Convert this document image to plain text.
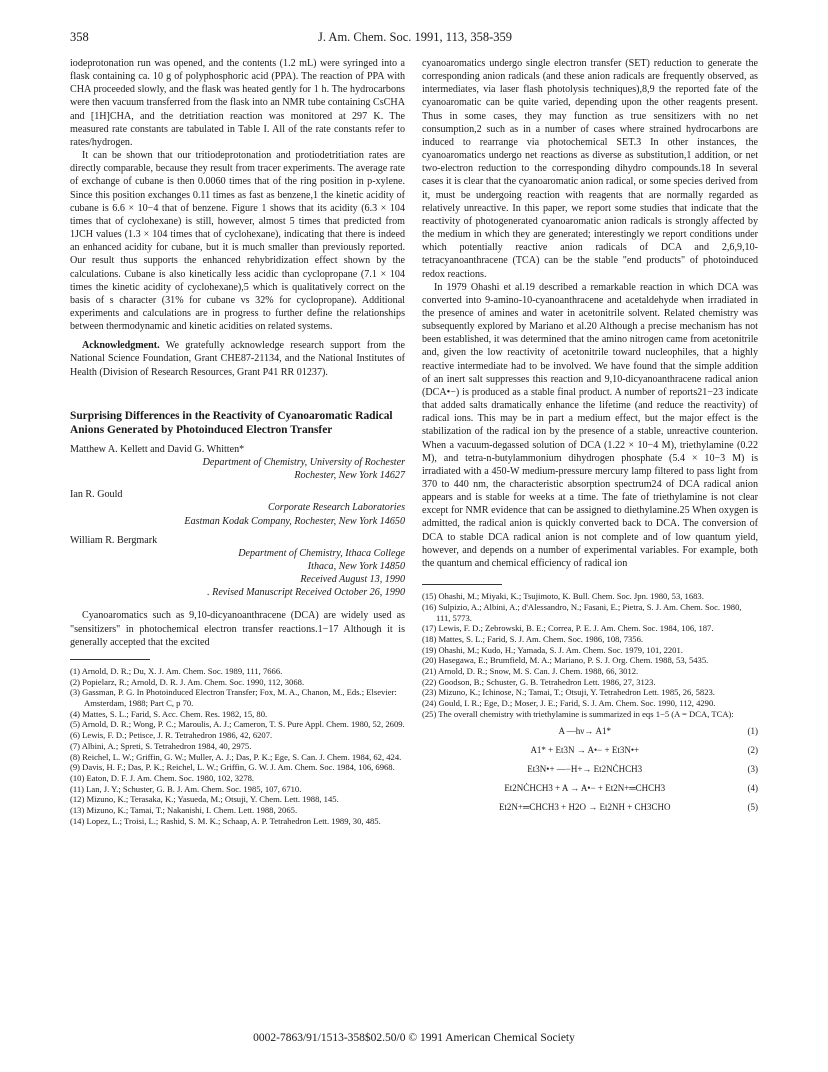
358	J. Am. Chem. Soc. 1991, 113, 358-359

iodeprotonation run was opened, and the contents (1.2 mL) were syringed into a flask containing ca. 10 g of polyphosphoric acid (PPA). The reaction of PPA with CHA proceeded slowly, and the flask was heated gently for 1 h. The hydrocarbons were then vacuum transferred from the flask into an NMR tube containing CsCHA and [1H]CHA, and the detritiation reaction was monitored at 297 K. The measured rate constants are tabulated in Table I. All of the rate constants refer to rates/hydrogen.

It can be shown that our tritiodeprotonation and protiodetritiation rates are directly comparable, because they result from tracer experiments. The average rate of exchange of cubane is then 0.0060 times that of the ring position in p-xylene. Since this position exchanges 0.11 times as fast as benzene,1 the kinetic acidity of cubane is 6.6 × 10−4 that of benzene. Figure 1 shows that its acidity (6.3 × 104 times that of cyclohexane) is still, however, almost 5 times that predicted from 1JCH values (1.3 × 104 times that of cyclohexane), indicating that there is indeed an enhanced acidity for cubane, but it is much smaller than previously reported. Our result thus supports the enhanced rehybridization effect shown by the calculations. Cubane is also kinetically less acidic than cyclopropane (7.1 × 104 times the kinetic acidity of cyclohexane),5 which is qualitatively correct on the basis of s character (31% for cubane vs 32% for cyclopropane). Additional experiments and calculations are in progress to further define the relationships between thermodynamic and kinetic acidities on related systems.

Acknowledgment. We gratefully acknowledge research support from the National Science Foundation, Grant CHE87-21134, and the National Institutes of Health (Division of Research Resources, Grant P41 RR 01237).

Surprising Differences in the Reactivity of Cyanoaromatic Radical Anions Generated by Photoinduced Electron Transfer

Matthew A. Kellett and David G. Whitten*

Department of Chemistry, University of Rochester

Rochester, New York 14627

Ian R. Gould

Corporate Research Laboratories

Eastman Kodak Company, Rochester, New York 14650

William R. Bergmark

Department of Chemistry, Ithaca College

Ithaca, New York 14850

Received August 13, 1990

. Revised Manuscript Received October 26, 1990

Cyanoaromatics such as 9,10-dicyanoanthracene (DCA) are widely used as "sensitizers" in photochemical electron transfer reactions.1−17 Although it is generally accepted that the excited

(1) Arnold, D. R.; Du, X. J. Am. Chem. Soc. 1989, 111, 7666.

(2) Popielarz, R.; Arnold, D. R. J. Am. Chem. Soc. 1990, 112, 3068.

(3) Gassman, P. G. In Photoinduced Electron Transfer; Fox, M. A., Chanon, M., Eds.; Elsevier: Amsterdam, 1988; Part C, p 70.

(4) Mattes, S. L.; Farid, S. Acc. Chem. Res. 1982, 15, 80.

(5) Arnold, D. R.; Wong, P. C.; Maroulis, A. J.; Cameron, T. S. Pure Appl. Chem. 1980, 52, 2609.

(6) Lewis, F. D.; Petisce, J. R. Tetrahedron 1986, 42, 6207.

(7) Albini, A.; Spreti, S. Tetrahedron 1984, 40, 2975.

(8) Reichel, L. W.; Griffin, G. W.; Muller, A. J.; Das, P. K.; Ege, S. Can. J. Chem. 1984, 62, 424.

(9) Davis, H. F.; Das, P. K.; Reichel, L. W.; Griffin, G. W. J. Am. Chem. Soc. 1984, 106, 6968.

(10) Eaton, D. F. J. Am. Chem. Soc. 1980, 102, 3278.

(11) Lan, J. Y.; Schuster, G. B. J. Am. Chem. Soc. 1985, 107, 6710.

(12) Mizuno, K.; Terasaka, K.; Yasueda, M.; Otsuji, Y. Chem. Lett. 1988, 145.

(13) Mizuno, K.; Tamai, T.; Nakanishi, I. Chem. Lett. 1988, 2065.

(14) Lopez, L.; Troisi, L.; Rashid, S. M. K.; Schaap, A. P. Tetrahedron Lett. 1989, 30, 485.

cyanoaromatics undergo single electron transfer (SET) reduction to generate the corresponding anion radicals (and these anion radicals are frequently observed, as intermediates, via laser flash photolysis techniques),8,9 the reported fate of the cyanoaromatic can be quite varied, depending upon the other reagents present. Thus in some cases, they may function as true sensitizers with no net consumption,2 such as in a number of cases where strained hydrocarbons are induced to rearrange via photochemical SET.3 In other instances, the cyanoaromatics undergo net reactions as diverse as substitution,1 addition, or net two-electron reduction to the corresponding dihydro compounds.18 In several cases it is clear that the cyanoaromatic anion radical, or some species derived from it, must be undergoing reaction with reagents that are normally regarded as relatively unreactive. In this paper, we report some studies that indicate that the reactivity of photogenerated cyanoaromatic anion radicals is strongly affected by the medium in which they are generated; interestingly we report conditions under which potentially reactive anion radicals of DCA and 2,6,9,10-tetracyanoanthracene (TCA) can be the stable "end products" of photoinduced redox reactions.

In 1979 Ohashi et al.19 described a remarkable reaction in which DCA was converted into 9-amino-10-cyanoanthracene and acetaldehyde when irradiated in the presence of amines and water in acetonitrile solvent. Related chemistry was subsequently explored by Mariano et al.20 Although a precise mechanism has not been established, it was determined that the amino nitrogen came from acetonitrile and, given the low reactivity of acetonitrile toward nucleophiles, that a highly reactive intermediate had to be involved. We have found that the simple addition of an inert salt suppresses this reaction and 9,10-dicyanoanthracene radical anion (DCA•−) is produced as a stable final product. A number of reports21−23 indicate that added salts dramatically enhance the lifetime (and reduce the reactivity) of radical ions. This may be in part a medium effect, but the major effect is the stabilization of the radical ion by the presence of a stable, unreactive counterion. When a vacuum-degassed solution of DCA (1.22 × 10−4 M), triethylamine (0.22 M), and tetra-n-butylammonium dihydrogen phosphate (5.4 × 10−3 M) is irradiated with a 450-W medium-pressure mercury lamp filtered to pass light from 370 to 440 nm, the characteristic absorption spectrum24 of DCA radical anion appears and is stable for weeks at a time. The fate of triethylamine is not clear except for NMR evidence that can be assigned to diethylamine.25 When oxygen is admitted, the radical anion is quickly converted back to DCA. The conversion of DCA to stable DCA radical anion is not complete and of low quantum yield, however, and depends on a number of experimental variables. For example, both the quantum and chemical efficiency of radical ion

(15) Ohashi, M.; Miyaki, K.; Tsujimoto, K. Bull. Chem. Soc. Jpn. 1980, 53, 1683.

(16) Sulpizio, A.; Albini, A.; d'Alessandro, N.; Fasani, E.; Pietra, S. J. Am. Chem. Soc. 1980, 111, 5773.

(17) Lewis, F. D.; Zebrowski, B. E.; Correa, P. E. J. Am. Chem. Soc. 1984, 106, 187.

(18) Mattes, S. L.; Farid, S. J. Am. Chem. Soc. 1986, 108, 7356.

(19) Ohashi, M.; Kudo, H.; Yamada, S. J. Am. Chem. Soc. 1979, 101, 2201.

(20) Hasegawa, E.; Brumfield, M. A.; Mariano, P. S. J. Org. Chem. 1988, 53, 5435.

(21) Arnold, D. R.; Snow, M. S. Can. J. Chem. 1988, 66, 3012.

(22) Goodson, B.; Schuster, G. B. Tetrahedron Lett. 1986, 27, 3123.

(23) Mizuno, K.; Ichinose, N.; Tamai, T.; Otsuji, Y. Tetrahedron Lett. 1985, 26, 5823.

(24) Gould, I. R.; Ege, D.; Moser, J. E.; Farid, S. J. Am. Chem. Soc. 1990, 112, 4290.

(25) The overall chemistry with triethylamine is summarized in eqs 1−5 (A = DCA, TCA):

A —hν→ A1*	(1)
A1* + Et3N → A•− + Et3N•+	(2)
Et3N•+ —−H+→ Et2NĊHCH3	(3)
Et2NĊHCH3 + A → A•− + Et2N+═CHCH3	(4)
Et2N+═CHCH3 + H2O → Et2NH + CH3CHO	(5)
0002-7863/91/1513-358$02.50/0 © 1991 American Chemical Society
